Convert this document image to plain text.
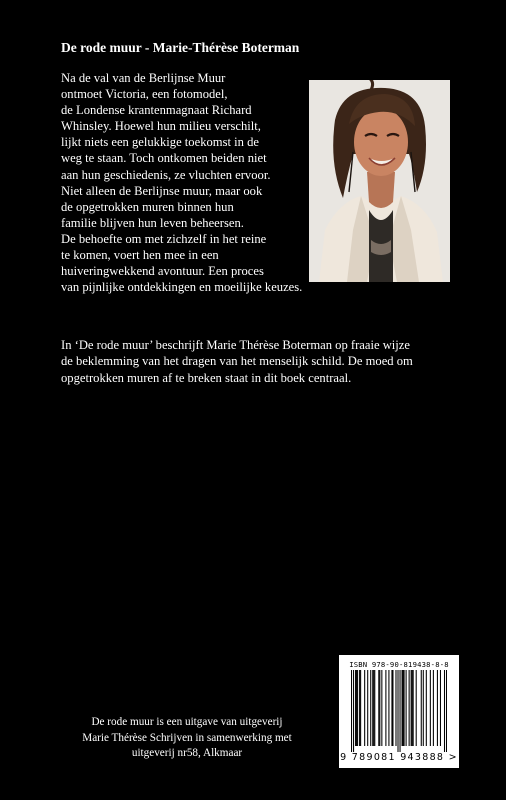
De rode muur - Marie-Thérèse Boterman
Na de val van de Berlijnse Muur
ontmoet Victoria, een fotomodel,
de Londense krantenmagnaat Richard
Whinsley. Hoewel hun milieu verschilt,
lijkt niets een gelukkige toekomst in de
weg te staan. Toch ontkomen beiden niet
aan hun geschiedenis, ze vluchten ervoor.
Niet alleen de Berlijnse muur, maar ook
de opgetrokken muren binnen hun
familie blijven hun leven beheersen.
De behoefte om met zichzelf in het reine
te komen, voert hen mee in een
huiveringwekkend avontuur. Een proces
van pijnlijke ontdekkingen en moeilijke keuzes.
In ‘De rode muur’ beschrijft Marie Thérèse Boterman op fraaie wijze
de beklemming van het dragen van het menselijk schild. De moed om
opgetrokken muren af te breken staat in dit boek centraal.
ISBN 978-90-819438-8-8
9 789081 943888 >
De rode muur is een uitgave van uitgeverij
Marie Thérèse Schrijven in samenwerking met
uitgeverij nr58, Alkmaar
